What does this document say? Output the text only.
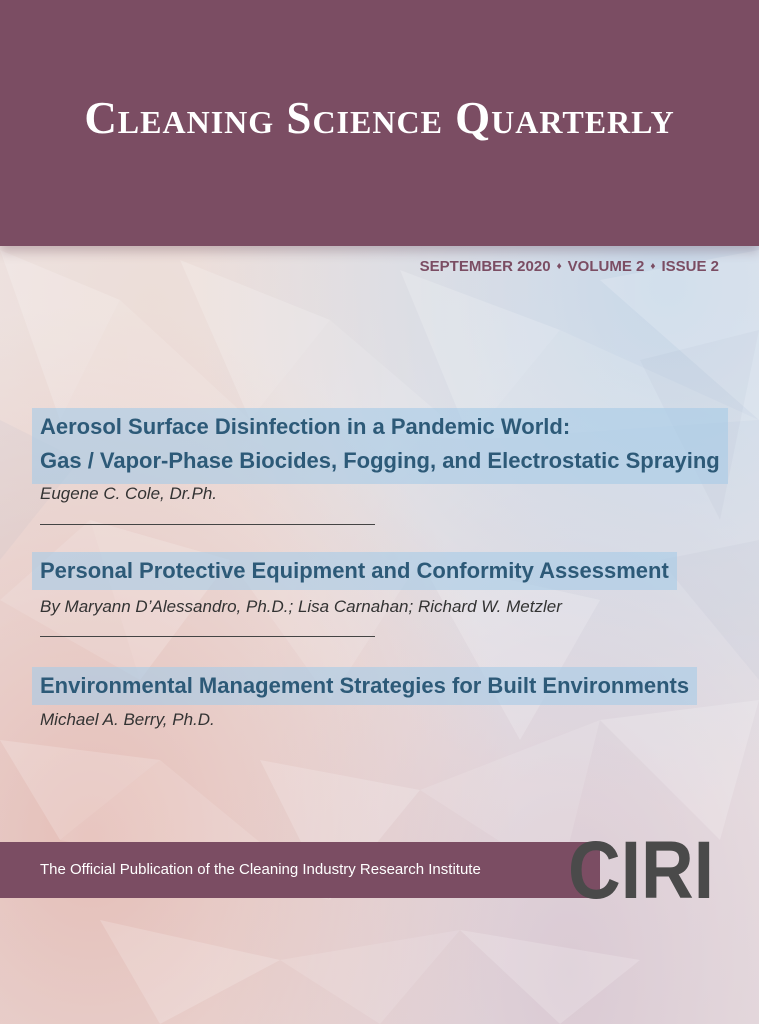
Cleaning Science Quarterly
SEPTEMBER 2020 ♦ VOLUME 2 ♦ ISSUE 2
Aerosol Surface Disinfection in a Pandemic World:
Gas / Vapor-Phase Biocides, Fogging, and Electrostatic Spraying
Eugene C. Cole, Dr.Ph.
Personal Protective Equipment and Conformity Assessment
By Maryann D’Alessandro, Ph.D.; Lisa Carnahan; Richard W. Metzler
Environmental Management Strategies for Built Environments
Michael A. Berry, Ph.D.
The Official Publication of the Cleaning Industry Research Institute CIRI
